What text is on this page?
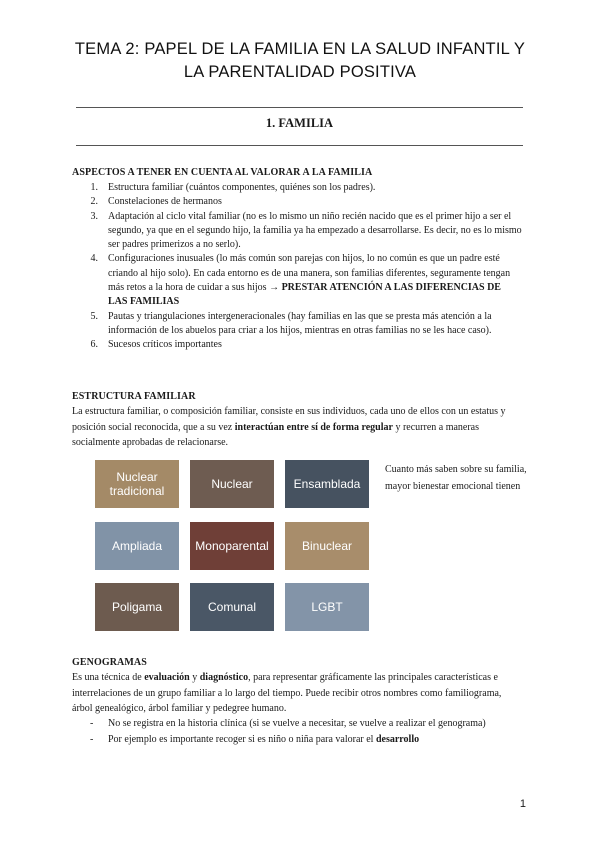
TEMA 2: PAPEL DE LA FAMILIA EN LA SALUD INFANTIL Y
LA PARENTALIDAD POSITIVA
1. FAMILIA
ASPECTOS A TENER EN CUENTA AL VALORAR A LA FAMILIA
1.	Estructura familiar (cuántos componentes, quiénes son los padres).
2.	Constelaciones de hermanos
3.	Adaptación al ciclo vital familiar (no es lo mismo un niño recién nacido que es el primer hijo a ser el segundo, ya que en el segundo hijo, la familia ya ha empezado a desarrollarse. Es decir, no es lo mismo ser padres primerizos a no serlo).
4.	Configuraciones inusuales (lo más común son parejas con hijos, lo no común es que un padre esté criando al hijo solo). En cada entorno es de una manera, son familias diferentes, seguramente tengan más retos a la hora de cuidar a sus hijos → PRESTAR ATENCIÓN A LAS DIFERENCIAS DE LAS FAMILIAS
5.	Pautas y triangulaciones intergeneracionales (hay familias en las que se presta más atención a la información de los abuelos para criar a los hijos, mientras en otras familias no se les hace caso).
6.	Sucesos críticos importantes
ESTRUCTURA FAMILIAR
La estructura familiar, o composición familiar, consiste en sus individuos, cada uno de ellos con un estatus y posición social reconocida, que a su vez interactúan entre sí de forma regular y recurren a maneras socialmente aprobadas de relacionarse.
Nuclear tradicional	Nuclear	Ensamblada
Ampliada	Monoparental	Binuclear
Poligama	Comunal	LGBT
Cuanto más saben sobre su familia, mayor bienestar emocional tienen
GENOGRAMAS
Es una técnica de evaluación y diagnóstico, para representar gráficamente las principales características e interrelaciones de un grupo familiar a lo largo del tiempo. Puede recibir otros nombres como familiograma, árbol genealógico, árbol familiar y pedegree humano.
-	No se registra en la historia clínica (si se vuelve a necesitar, se vuelve a realizar el genograma)
-	Por ejemplo es importante recoger si es niño o niña para valorar el desarrollo
1
